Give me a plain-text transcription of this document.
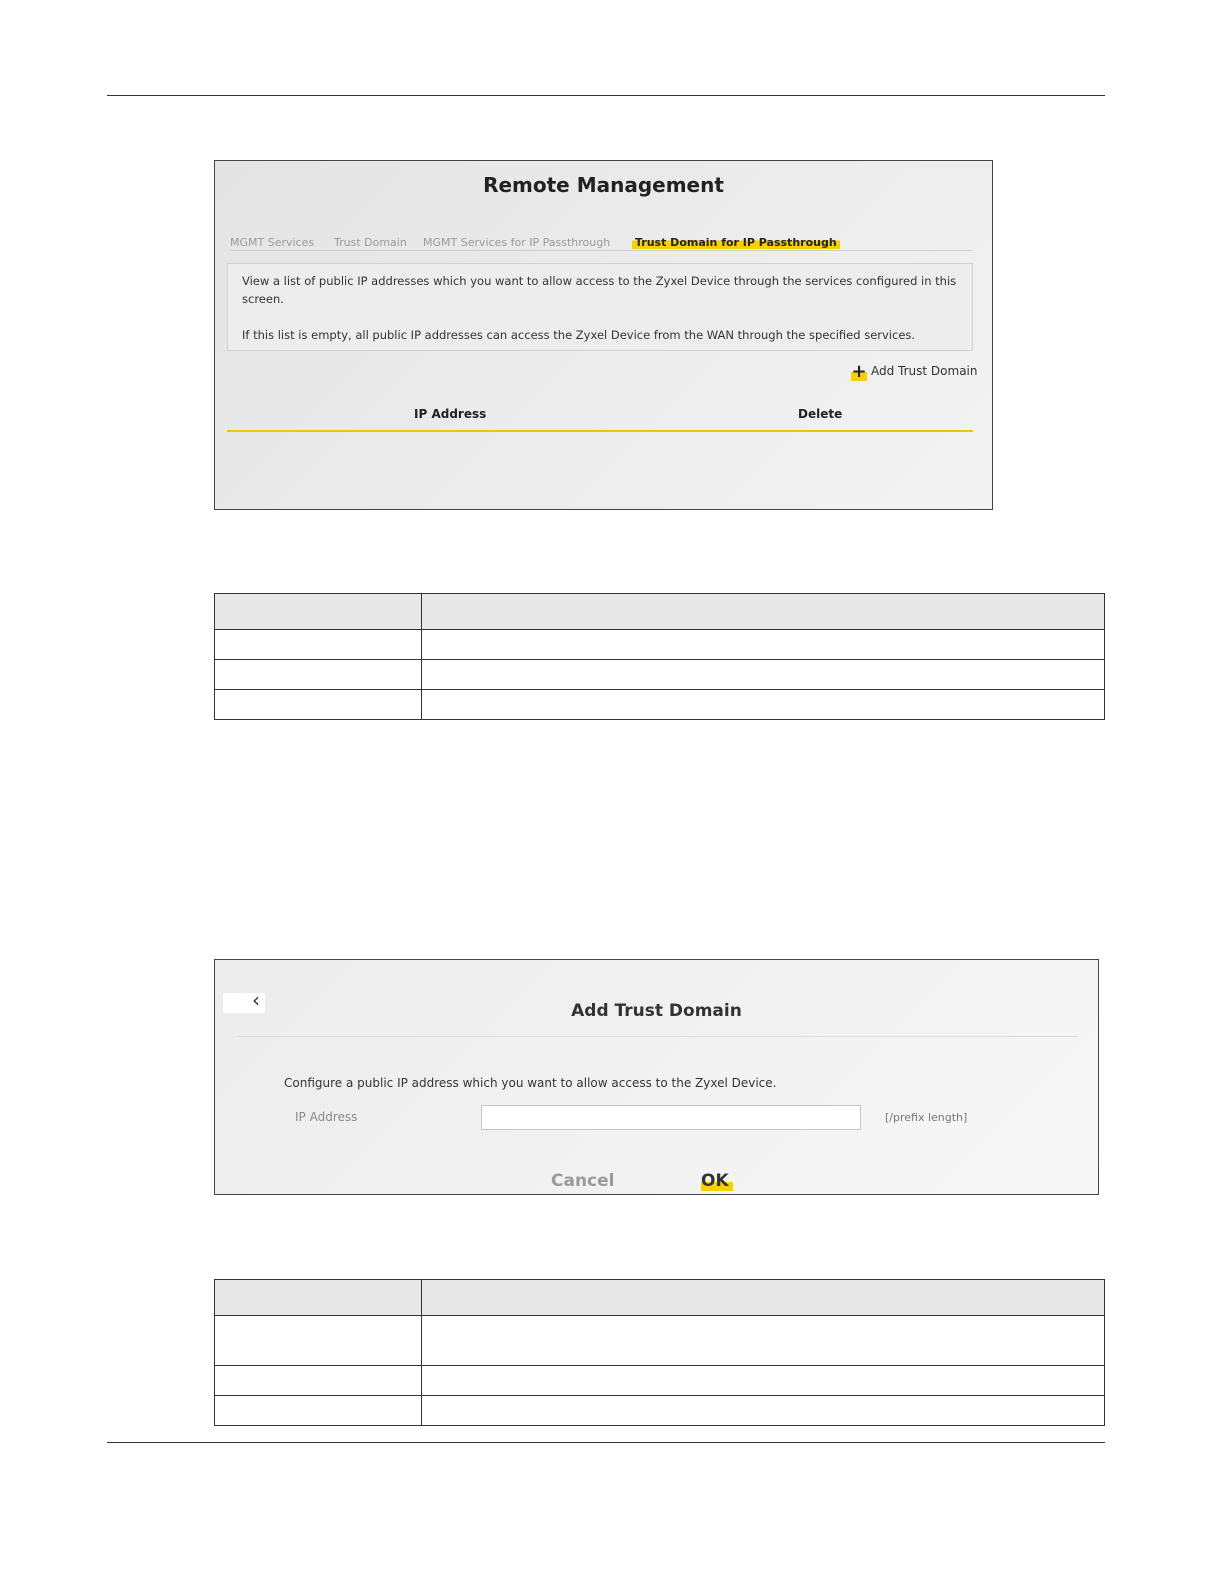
Remote Management
MGMT Services Trust Domain MGMT Services for IP Passthrough Trust Domain for IP Passthrough

View a list of public IP addresses which you want to allow access to the Zyxel Device through the services configured in this screen.

If this list is empty, all public IP addresses can access the Zyxel Device from the WAN through the specified services.

+ Add Trust Domain
IP Address	Delete

‹	Add Trust Domain
Configure a public IP address which you want to allow access to the Zyxel Device.
IP Address	[/prefix length]
Cancel	OK
